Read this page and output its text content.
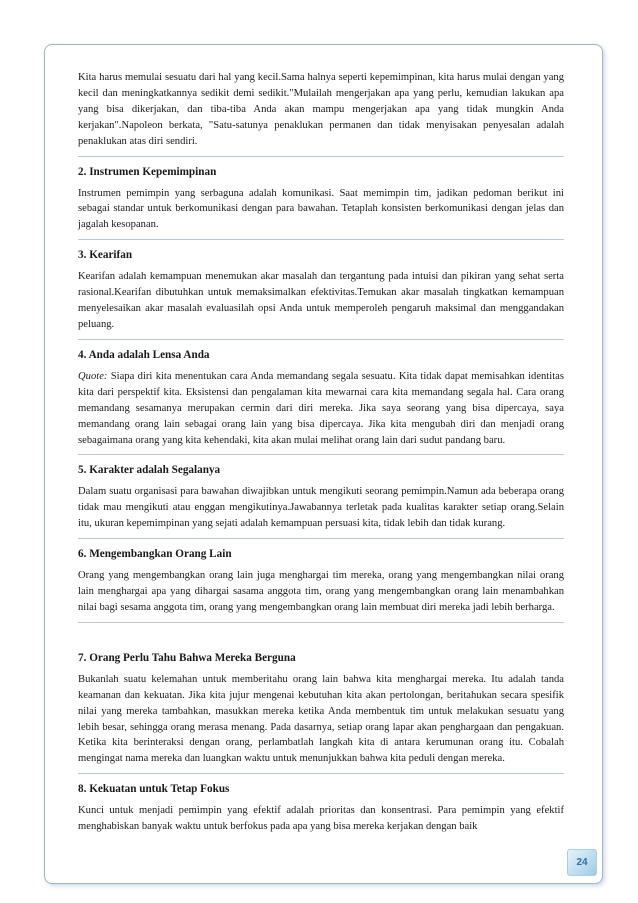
Kita harus memulai sesuatu dari hal yang kecil.Sama halnya seperti kepemimpinan, kita harus mulai dengan yang kecil dan meningkatkannya sedikit demi sedikit."Mulailah mengerjakan apa yang perlu, kemudian lakukan apa yang bisa dikerjakan, dan tiba-tiba Anda akan mampu mengerjakan apa yang tidak mungkin Anda kerjakan".Napoleon berkata, "Satu-satunya penaklukan permanen dan tidak menyisakan penyesalan adalah penaklukan atas diri sendiri.

2. Instrumen Kepemimpinan

Instrumen pemimpin yang serbaguna adalah komunikasi. Saat memimpin tim, jadikan pedoman berikut ini sebagai standar untuk berkomunikasi dengan para bawahan. Tetaplah konsisten berkomunikasi dengan jelas dan jagalah kesopanan.

3. Kearifan

Kearifan adalah kemampuan menemukan akar masalah dan tergantung pada intuisi dan pikiran yang sehat serta rasional.Kearifan dibutuhkan untuk memaksimalkan efektivitas.Temukan akar masalah tingkatkan kemampuan menyelesaikan akar masalah evaluasilah opsi Anda untuk memperoleh pengaruh maksimal dan menggandakan peluang.

4. Anda adalah Lensa Anda

Quote: Siapa diri kita menentukan cara Anda memandang segala sesuatu. Kita tidak dapat memisahkan identitas kita dari perspektif kita. Eksistensi dan pengalaman kita mewarnai cara kita memandang segala hal. Cara orang memandang sesamanya merupakan cermin dari diri mereka. Jika saya seorang yang bisa dipercaya, saya memandang orang lain sebagai orang lain yang bisa dipercaya. Jika kita mengubah diri dan menjadi orang sebagaimana orang yang kita kehendaki, kita akan mulai melihat orang lain dari sudut pandang baru.

5. Karakter adalah Segalanya

Dalam suatu organisasi para bawahan diwajibkan untuk mengikuti seorang pemimpin.Namun ada beberapa orang tidak mau mengikuti atau enggan mengikutinya.Jawabannya terletak pada kualitas karakter setiap orang.Selain itu, ukuran kepemimpinan yang sejati adalah kemampuan persuasi kita, tidak lebih dan tidak kurang.

6. Mengembangkan Orang Lain

Orang yang mengembangkan orang lain juga menghargai tim mereka, orang yang mengembangkan nilai orang lain menghargai apa yang dihargai sasama anggota tim, orang yang mengembangkan orang lain menambahkan nilai bagi sesama anggota tim, orang yang mengembangkan orang lain membuat diri mereka jadi lebih berharga.

7. Orang Perlu Tahu Bahwa Mereka Berguna

Bukanlah suatu kelemahan untuk memberitahu orang lain bahwa kita menghargai mereka. Itu adalah tanda keamanan dan kekuatan. Jika kita jujur mengenai kebutuhan kita akan pertolongan, beritahukan secara spesifik nilai yang mereka tambahkan, masukkan mereka ketika Anda membentuk tim untuk melakukan sesuatu yang lebih besar, sehingga orang merasa menang. Pada dasarnya, setiap orang lapar akan penghargaan dan pengakuan. Ketika kita berinteraksi dengan orang, perlambatlah langkah kita di antara kerumunan orang itu. Cobalah mengingat nama mereka dan luangkan waktu untuk menunjukkan bahwa kita peduli dengan mereka.

8. Kekuatan untuk Tetap Fokus

Kunci untuk menjadi pemimpin yang efektif adalah prioritas dan konsentrasi. Para pemimpin yang efektif menghabiskan banyak waktu untuk berfokus pada apa yang bisa mereka kerjakan dengan baik

24
